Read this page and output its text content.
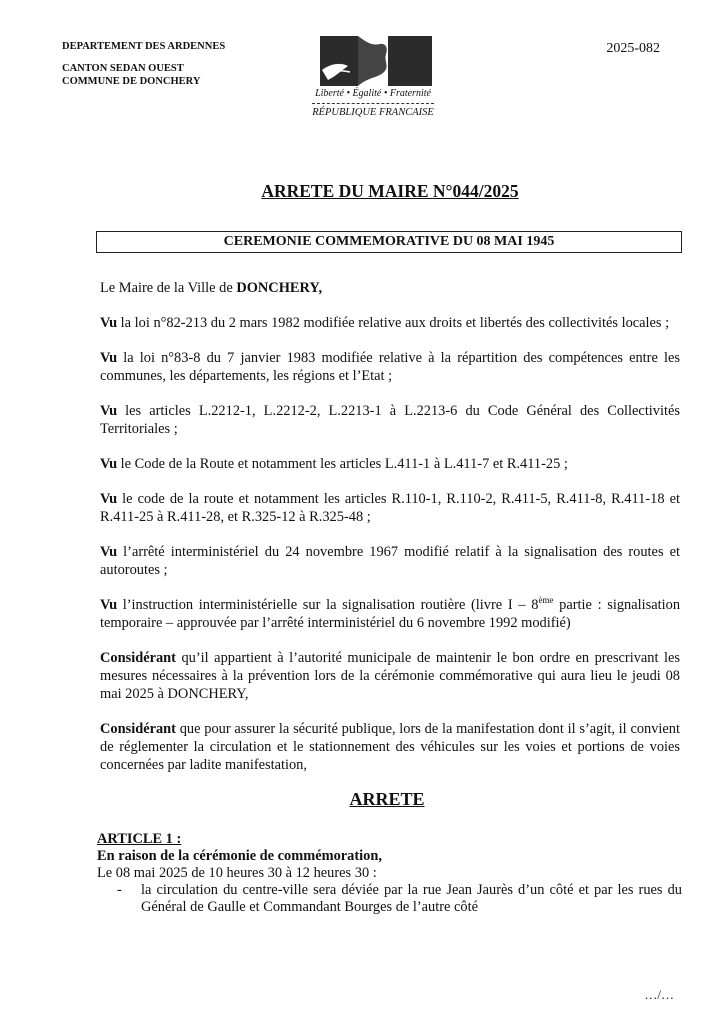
DEPARTEMENT DES ARDENNES
CANTON SEDAN OUEST
COMMUNE DE DONCHERY
2025-082
Liberté • Égalité • Fraternité
RÉPUBLIQUE FRANCAISE
ARRETE DU MAIRE N°044/2025
CEREMONIE COMMEMORATIVE DU 08 MAI 1945

Le Maire de la Ville de DONCHERY,

Vu la loi n°82-213 du 2 mars 1982 modifiée relative aux droits et libertés des collectivités locales ;

Vu la loi n°83-8 du 7 janvier 1983 modifiée relative à la répartition des compétences entre les communes, les départements, les régions et l’Etat ;

Vu les articles L.2212-1, L.2212-2, L.2213-1 à L.2213-6 du Code Général des Collectivités Territoriales ;

Vu le Code de la Route et notamment les articles L.411-1 à L.411-7 et R.411-25 ;

Vu le code de la route et notamment les articles R.110-1, R.110-2, R.411-5, R.411-8, R.411-18 et R.411-25 à R.411-28, et R.325-12 à R.325-48 ;

Vu l’arrêté interministériel du 24 novembre 1967 modifié relatif à la signalisation des routes et autoroutes ;

Vu l’instruction interministérielle sur la signalisation routière (livre I – 8ème partie : signalisation temporaire – approuvée par l’arrêté interministériel du 6 novembre 1992 modifié)

Considérant qu’il appartient à l’autorité municipale de maintenir le bon ordre en prescrivant les mesures nécessaires à la prévention lors de la cérémonie commémorative qui aura lieu le jeudi 08 mai 2025 à DONCHERY,

Considérant que pour assurer la sécurité publique, lors de la manifestation dont il s’agit, il convient de réglementer la circulation et le stationnement des véhicules sur les voies et portions de voies concernées par ladite manifestation,

ARRETE
ARTICLE 1 :
En raison de la cérémonie de commémoration,
Le 08 mai 2025 de 10 heures 30 à 12 heures 30 :
- la circulation du centre-ville sera déviée par la rue Jean Jaurès d’un côté et par les rues du Général de Gaulle et Commandant Bourges de l’autre côté
…/…
